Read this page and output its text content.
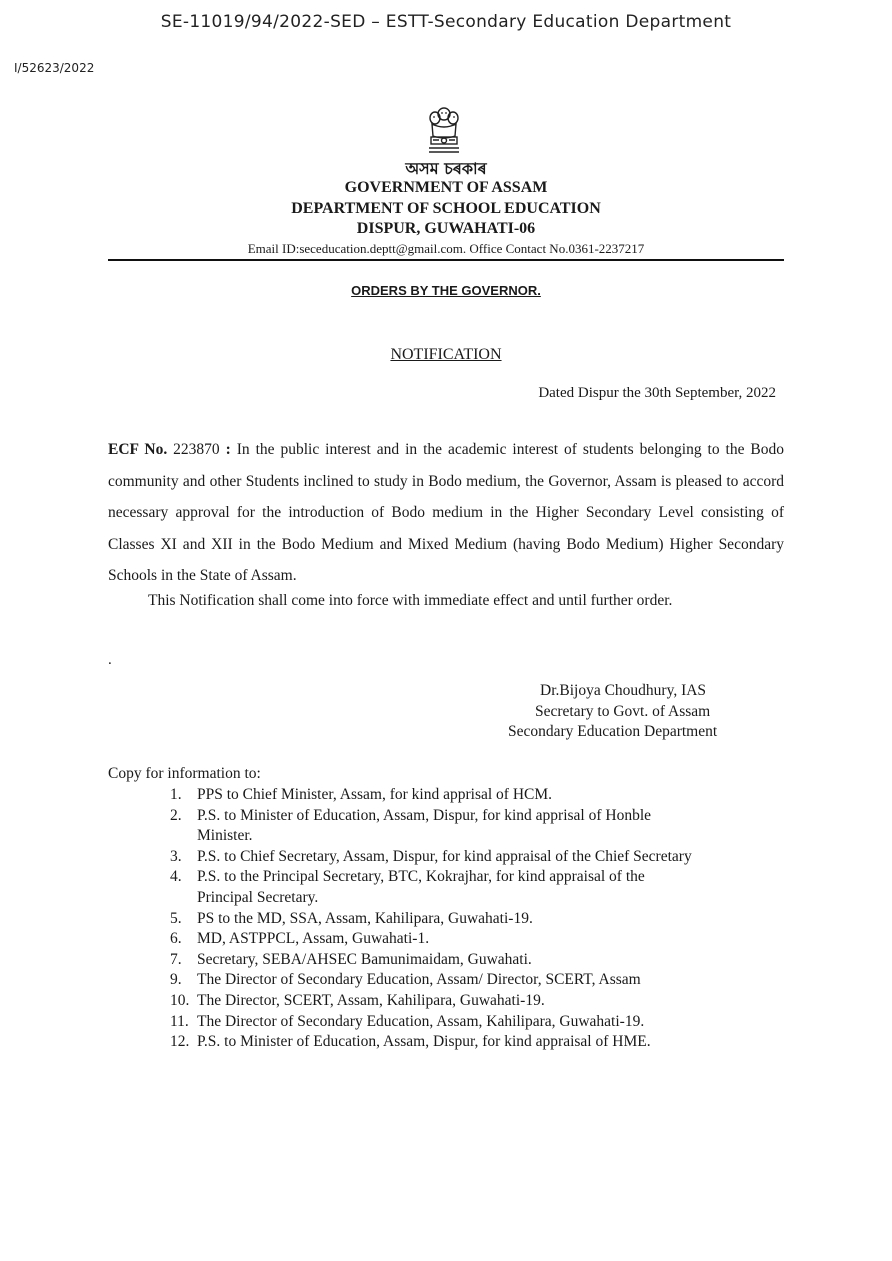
SE-11019/94/2022-SED – ESTT-Secondary Education Department
I/52623/2022
অসম চৰকাৰ
GOVERNMENT OF ASSAM
DEPARTMENT OF SCHOOL EDUCATION
DISPUR, GUWAHATI-06
Email ID:seceducation.deptt@gmail.com. Office Contact No.0361-2237217
ORDERS BY THE GOVERNOR.
NOTIFICATION
Dated Dispur the 30th September, 2022
ECF No. 223870 : In the public interest and in the academic interest of students belonging to the Bodo community and other Students inclined to study in Bodo medium, the Governor, Assam is pleased to accord necessary approval for the introduction of Bodo medium in the Higher Secondary Level consisting of Classes XI and XII in the Bodo Medium and Mixed Medium (having Bodo Medium) Higher Secondary Schools in the State of Assam.
This Notification shall come into force with immediate effect and until further order.
.
Dr.Bijoya Choudhury, IAS
Secretary to Govt. of Assam
Secondary Education Department
Copy for information to:
1. PPS to Chief Minister, Assam, for kind apprisal of HCM.
2. P.S. to Minister of Education, Assam, Dispur, for kind apprisal of Honble
Minister.
3. P.S. to Chief Secretary, Assam, Dispur, for kind appraisal of the Chief Secretary
4. P.S. to the Principal Secretary, BTC, Kokrajhar, for kind appraisal of the
Principal Secretary.
5. PS to the MD, SSA, Assam, Kahilipara, Guwahati-19.
6. MD, ASTPPCL, Assam, Guwahati-1.
7. Secretary, SEBA/AHSEC Bamunimaidam, Guwahati.
9. The Director of Secondary Education, Assam/ Director, SCERT, Assam
10. The Director, SCERT, Assam, Kahilipara, Guwahati-19.
11. The Director of Secondary Education, Assam, Kahilipara, Guwahati-19.
12. P.S. to Minister of Education, Assam, Dispur, for kind appraisal of HME.
